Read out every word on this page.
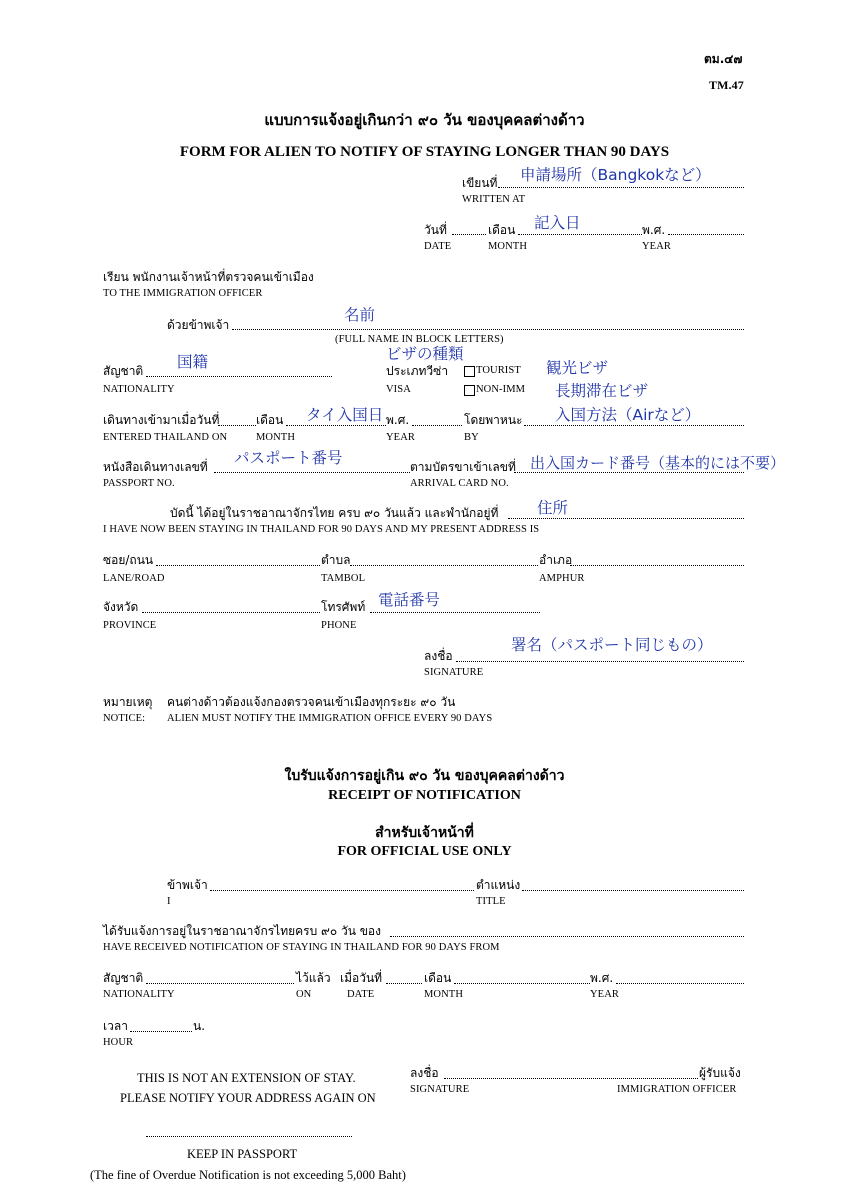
ตม.๔๗
TM.47
แบบการแจ้งอยู่เกินกว่า ๙๐ วัน ของบุคคลต่างด้าว
FORM FOR ALIEN TO NOTIFY OF STAYING LONGER THAN 90 DAYS
เขียนที่
WRITTEN AT
วันที่	เดือน	พ.ศ.
DATE	MONTH	YEAR
เรียน พนักงานเจ้าหน้าที่ตรวจคนเข้าเมือง
TO THE IMMIGRATION OFFICER
ด้วยข้าพเจ้า
(FULL NAME IN BLOCK LETTERS)
สัญชาติ
NATIONALITY
ประเภทวีซ่า
VISA
TOURIST
NON-IMM
เดินทางเข้ามาเมื่อวันที่	เดือน	พ.ศ.	โดยพาหนะ
ENTERED THAILAND ON	MONTH	YEAR	BY
หนังสือเดินทางเลขที่
PASSPORT NO.
ตามบัตรขาเข้าเลขที่
ARRIVAL CARD NO.
บัดนี้ ได้อยู่ในราชอาณาจักรไทย ครบ ๙๐ วันแล้ว และพำนักอยู่ที่
I HAVE NOW BEEN STAYING IN THAILAND FOR 90 DAYS AND MY PRESENT ADDRESS IS
ซอย/ถนน	ตำบล	อำเภอ
LANE/ROAD	TAMBOL	AMPHUR
จังหวัด	โทรศัพท์
PROVINCE	PHONE
ลงชื่อ
SIGNATURE
หมายเหตุ คนต่างด้าวต้องแจ้งกองตรวจคนเข้าเมืองทุกระยะ ๙๐ วัน
NOTICE: ALIEN MUST NOTIFY THE IMMIGRATION OFFICE EVERY 90 DAYS
ใบรับแจ้งการอยู่เกิน ๙๐ วัน ของบุคคลต่างด้าว
RECEIPT OF NOTIFICATION
สำหรับเจ้าหน้าที่
FOR OFFICIAL USE ONLY
ข้าพเจ้า	ตำแหน่ง
I	TITLE
ได้รับแจ้งการอยู่ในราชอาณาจักรไทยครบ ๙๐ วัน ของ
HAVE RECEIVED NOTIFICATION OF STAYING IN THAILAND FOR 90 DAYS FROM
สัญชาติ	ไว้แล้ว เมื่อวันที่	เดือน	พ.ศ.
NATIONALITY	ON	DATE	MONTH	YEAR
เวลา	น.
HOUR
THIS IS NOT AN EXTENSION OF STAY.
PLEASE NOTIFY YOUR ADDRESS AGAIN ON
ลงชื่อ	ผู้รับแจ้ง
SIGNATURE	IMMIGRATION OFFICER
KEEP IN PASSPORT
(The fine of Overdue Notification is not exceeding 5,000 Baht)
申請場所（Bangkokなど）
記入日
名前
ビザの種類
国籍	観光ビザ
長期滞在ビザ
タイ入国日	入国方法（Airなど）
パスポート番号	出入国カード番号（基本的には不要）
住所
電話番号
署名（パスポート同じもの）
